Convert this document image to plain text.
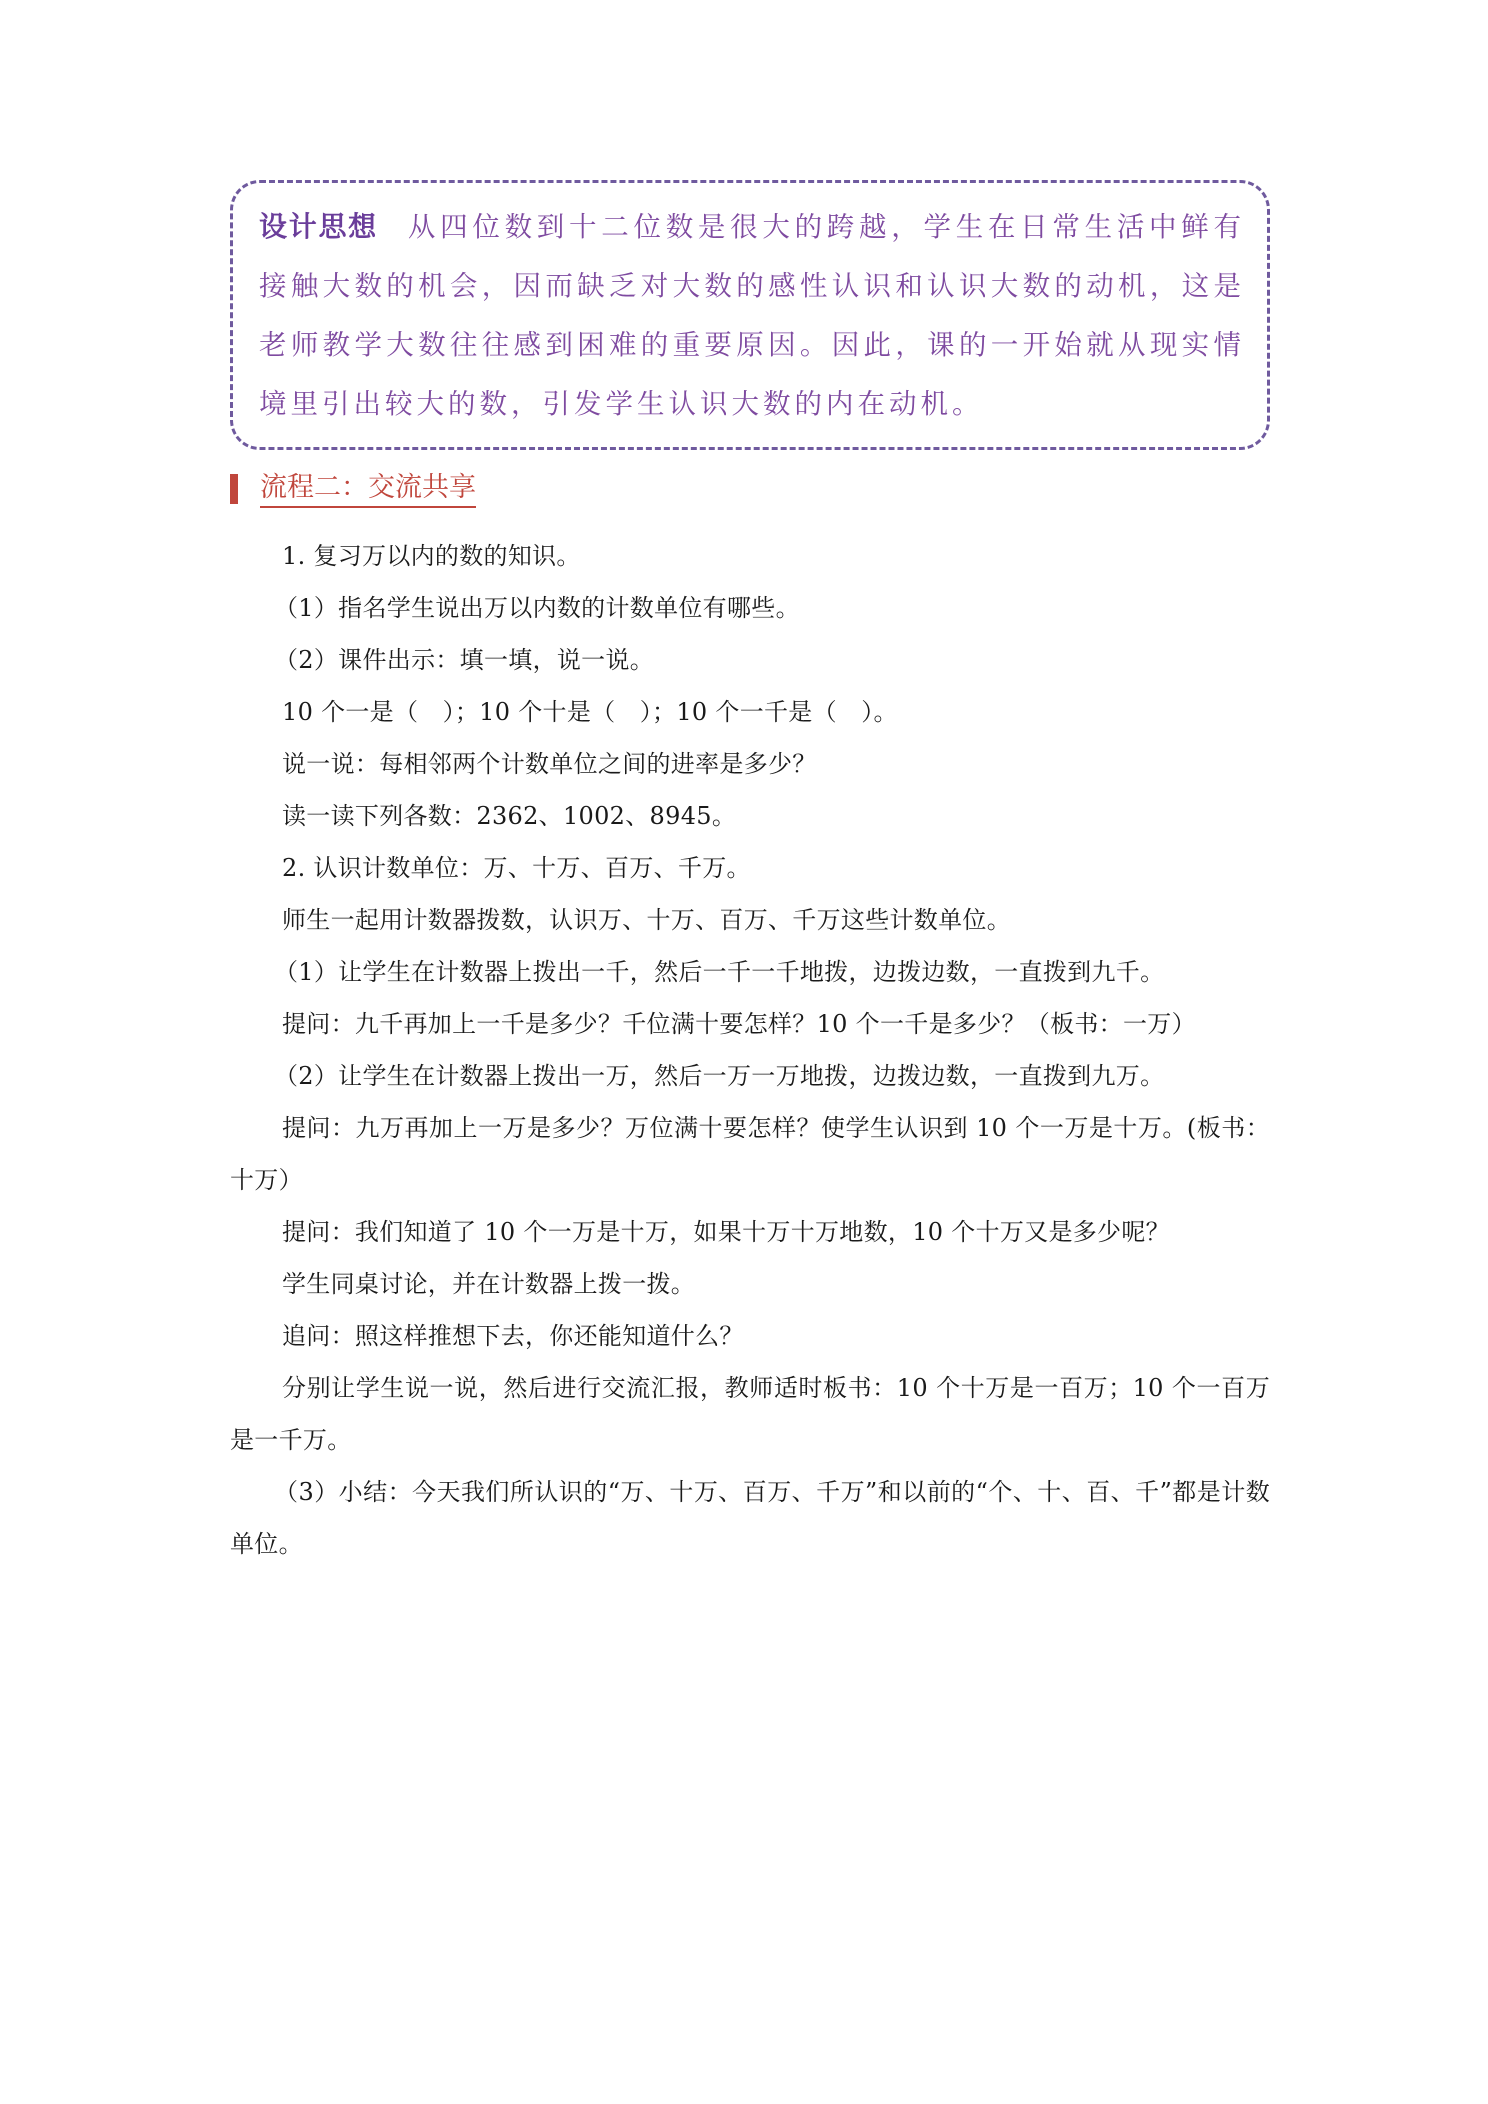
设计思想 从四位数到十二位数是很大的跨越，学生在日常生活中鲜有接触大数的机会，因而缺乏对大数的感性认识和认识大数的动机，这是老师教学大数往往感到困难的重要原因。因此，课的一开始就从现实情境里引出较大的数，引发学生认识大数的内在动机。

流程二：交流共享

1. 复习万以内的数的知识。

（1）指名学生说出万以内数的计数单位有哪些。

（2）课件出示：填一填，说一说。

10 个一是（　）；10 个十是（　）；10 个一千是（　）。

说一说：每相邻两个计数单位之间的进率是多少？

读一读下列各数：2362、1002、8945。

2. 认识计数单位：万、十万、百万、千万。

师生一起用计数器拨数，认识万、十万、百万、千万这些计数单位。

（1）让学生在计数器上拨出一千，然后一千一千地拨，边拨边数，一直拨到九千。

提问：九千再加上一千是多少？千位满十要怎样？10 个一千是多少？（板书：一万）

（2）让学生在计数器上拨出一万，然后一万一万地拨，边拨边数，一直拨到九万。

提问：九万再加上一万是多少？万位满十要怎样？使学生认识到 10 个一万是十万。(板书：十万）

提问：我们知道了 10 个一万是十万，如果十万十万地数，10 个十万又是多少呢？

学生同桌讨论，并在计数器上拨一拨。

追问：照这样推想下去，你还能知道什么？

分别让学生说一说，然后进行交流汇报，教师适时板书：10 个十万是一百万；10 个一百万是一千万。

（3）小结：今天我们所认识的“万、十万、百万、千万”和以前的“个、十、百、千”都是计数单位。
